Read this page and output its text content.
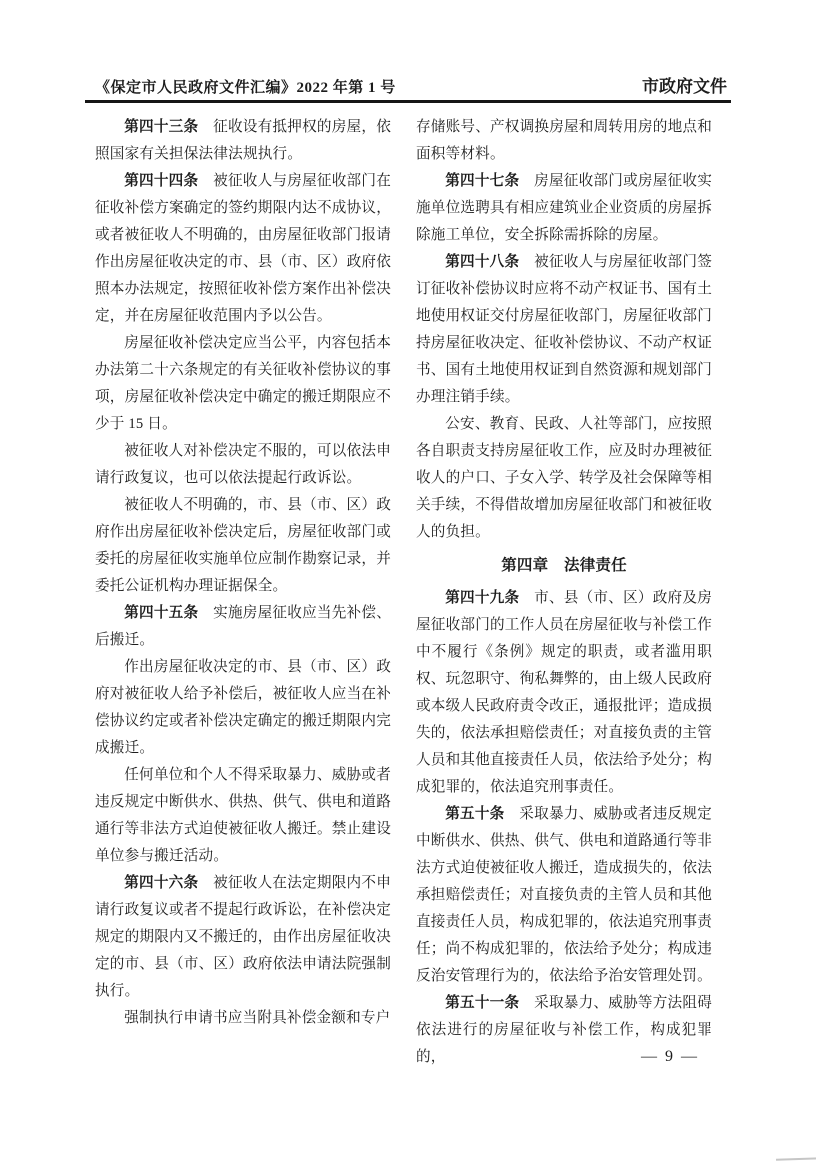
《保定市人民政府文件汇编》2022 年第 1 号	市政府文件

第四十三条　征收设有抵押权的房屋，依照国家有关担保法律法规执行。

第四十四条　被征收人与房屋征收部门在征收补偿方案确定的签约期限内达不成协议，或者被征收人不明确的，由房屋征收部门报请作出房屋征收决定的市、县（市、区）政府依照本办法规定，按照征收补偿方案作出补偿决定，并在房屋征收范围内予以公告。

房屋征收补偿决定应当公平，内容包括本办法第二十六条规定的有关征收补偿协议的事项，房屋征收补偿决定中确定的搬迁期限应不少于 15 日。

被征收人对补偿决定不服的，可以依法申请行政复议，也可以依法提起行政诉讼。

被征收人不明确的，市、县（市、区）政府作出房屋征收补偿决定后，房屋征收部门或委托的房屋征收实施单位应制作勘察记录，并委托公证机构办理证据保全。

第四十五条　实施房屋征收应当先补偿、后搬迁。

作出房屋征收决定的市、县（市、区）政府对被征收人给予补偿后，被征收人应当在补偿协议约定或者补偿决定确定的搬迁期限内完成搬迁。

任何单位和个人不得采取暴力、威胁或者违反规定中断供水、供热、供气、供电和道路通行等非法方式迫使被征收人搬迁。禁止建设单位参与搬迁活动。

第四十六条　被征收人在法定期限内不申请行政复议或者不提起行政诉讼，在补偿决定规定的期限内又不搬迁的，由作出房屋征收决定的市、县（市、区）政府依法申请法院强制执行。

强制执行申请书应当附具补偿金额和专户

存储账号、产权调换房屋和周转用房的地点和面积等材料。

第四十七条　房屋征收部门或房屋征收实施单位选聘具有相应建筑业企业资质的房屋拆除施工单位，安全拆除需拆除的房屋。

第四十八条　被征收人与房屋征收部门签订征收补偿协议时应将不动产权证书、国有土地使用权证交付房屋征收部门，房屋征收部门持房屋征收决定、征收补偿协议、不动产权证书、国有土地使用权证到自然资源和规划部门办理注销手续。

公安、教育、民政、人社等部门，应按照各自职责支持房屋征收工作，应及时办理被征收人的户口、子女入学、转学及社会保障等相关手续，不得借故增加房屋征收部门和被征收人的负担。

第四章　法律责任

第四十九条　市、县（市、区）政府及房屋征收部门的工作人员在房屋征收与补偿工作中不履行《条例》规定的职责，或者滥用职权、玩忽职守、徇私舞弊的，由上级人民政府或本级人民政府责令改正，通报批评；造成损失的，依法承担赔偿责任；对直接负责的主管人员和其他直接责任人员，依法给予处分；构成犯罪的，依法追究刑事责任。

第五十条　采取暴力、威胁或者违反规定中断供水、供热、供气、供电和道路通行等非法方式迫使被征收人搬迁，造成损失的，依法承担赔偿责任；对直接负责的主管人员和其他直接责任人员，构成犯罪的，依法追究刑事责任；尚不构成犯罪的，依法给予处分；构成违反治安管理行为的，依法给予治安管理处罚。

第五十一条　采取暴力、威胁等方法阻碍依法进行的房屋征收与补偿工作，构成犯罪的，	— 9 —
